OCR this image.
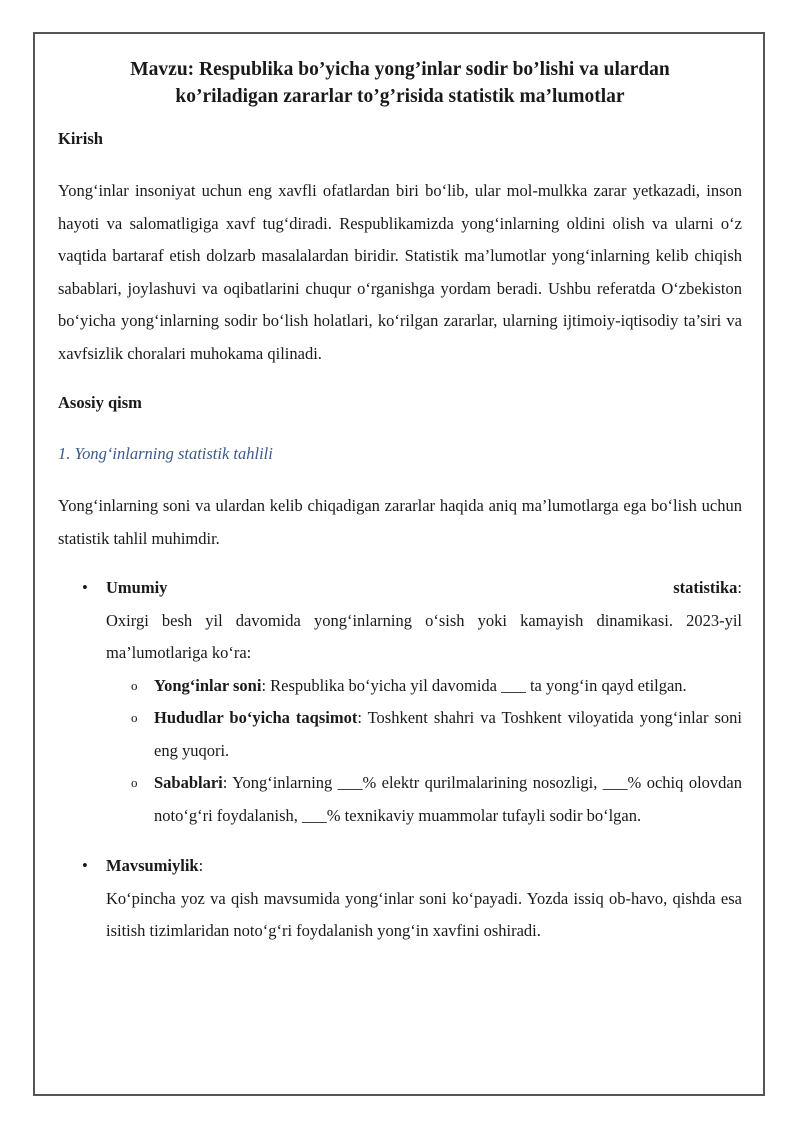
Mavzu: Respublika bo’yicha yong’inlar sodir bo’lishi va ulardan
ko’riladigan zararlar to’g’risida statistik ma’lumotlar
Kirish

Yong‘inlar insoniyat uchun eng xavfli ofatlardan biri bo‘lib, ular mol-mulkka zarar yetkazadi, inson hayoti va salomatligiga xavf tug‘diradi. Respublikamizda yong‘inlarning oldini olish va ularni o‘z vaqtida bartaraf etish dolzarb masalalardan biridir. Statistik ma’lumotlar yong‘inlarning kelib chiqish sabablari, joylashuvi va oqibatlarini chuqur o‘rganishga yordam beradi. Ushbu referatda O‘zbekiston bo‘yicha yong‘inlarning sodir bo‘lish holatlari, ko‘rilgan zararlar, ularning ijtimoiy-iqtisodiy ta’siri va xavfsizlik choralari muhokama qilinadi.

Asosiy qism
1. Yong‘inlarning statistik tahlili

Yong‘inlarning soni va ulardan kelib chiqadigan zararlar haqida aniq ma’lumotlarga ega bo‘lish uchun statistik tahlil muhimdir.

• Umumiy	statistika:
Oxirgi besh yil davomida yong‘inlarning o‘sish yoki kamayish dinamikasi. 2023-yil ma’lumotlariga ko‘ra:
o Yong‘inlar soni: Respublika bo‘yicha yil davomida ___ ta yong‘in qayd etilgan.
o Hududlar bo‘yicha taqsimot: Toshkent shahri va Toshkent viloyatida yong‘inlar soni eng yuqori.
o Sabablari: Yong‘inlarning ___% elektr qurilmalarining nosozligi, ___% ochiq olovdan noto‘g‘ri foydalanish, ___% texnikaviy muammolar tufayli sodir bo‘lgan.
• Mavsumiylik:
Ko‘pincha yoz va qish mavsumida yong‘inlar soni ko‘payadi. Yozda issiq ob-havo, qishda esa isitish tizimlaridan noto‘g‘ri foydalanish yong‘in xavfini oshiradi.
